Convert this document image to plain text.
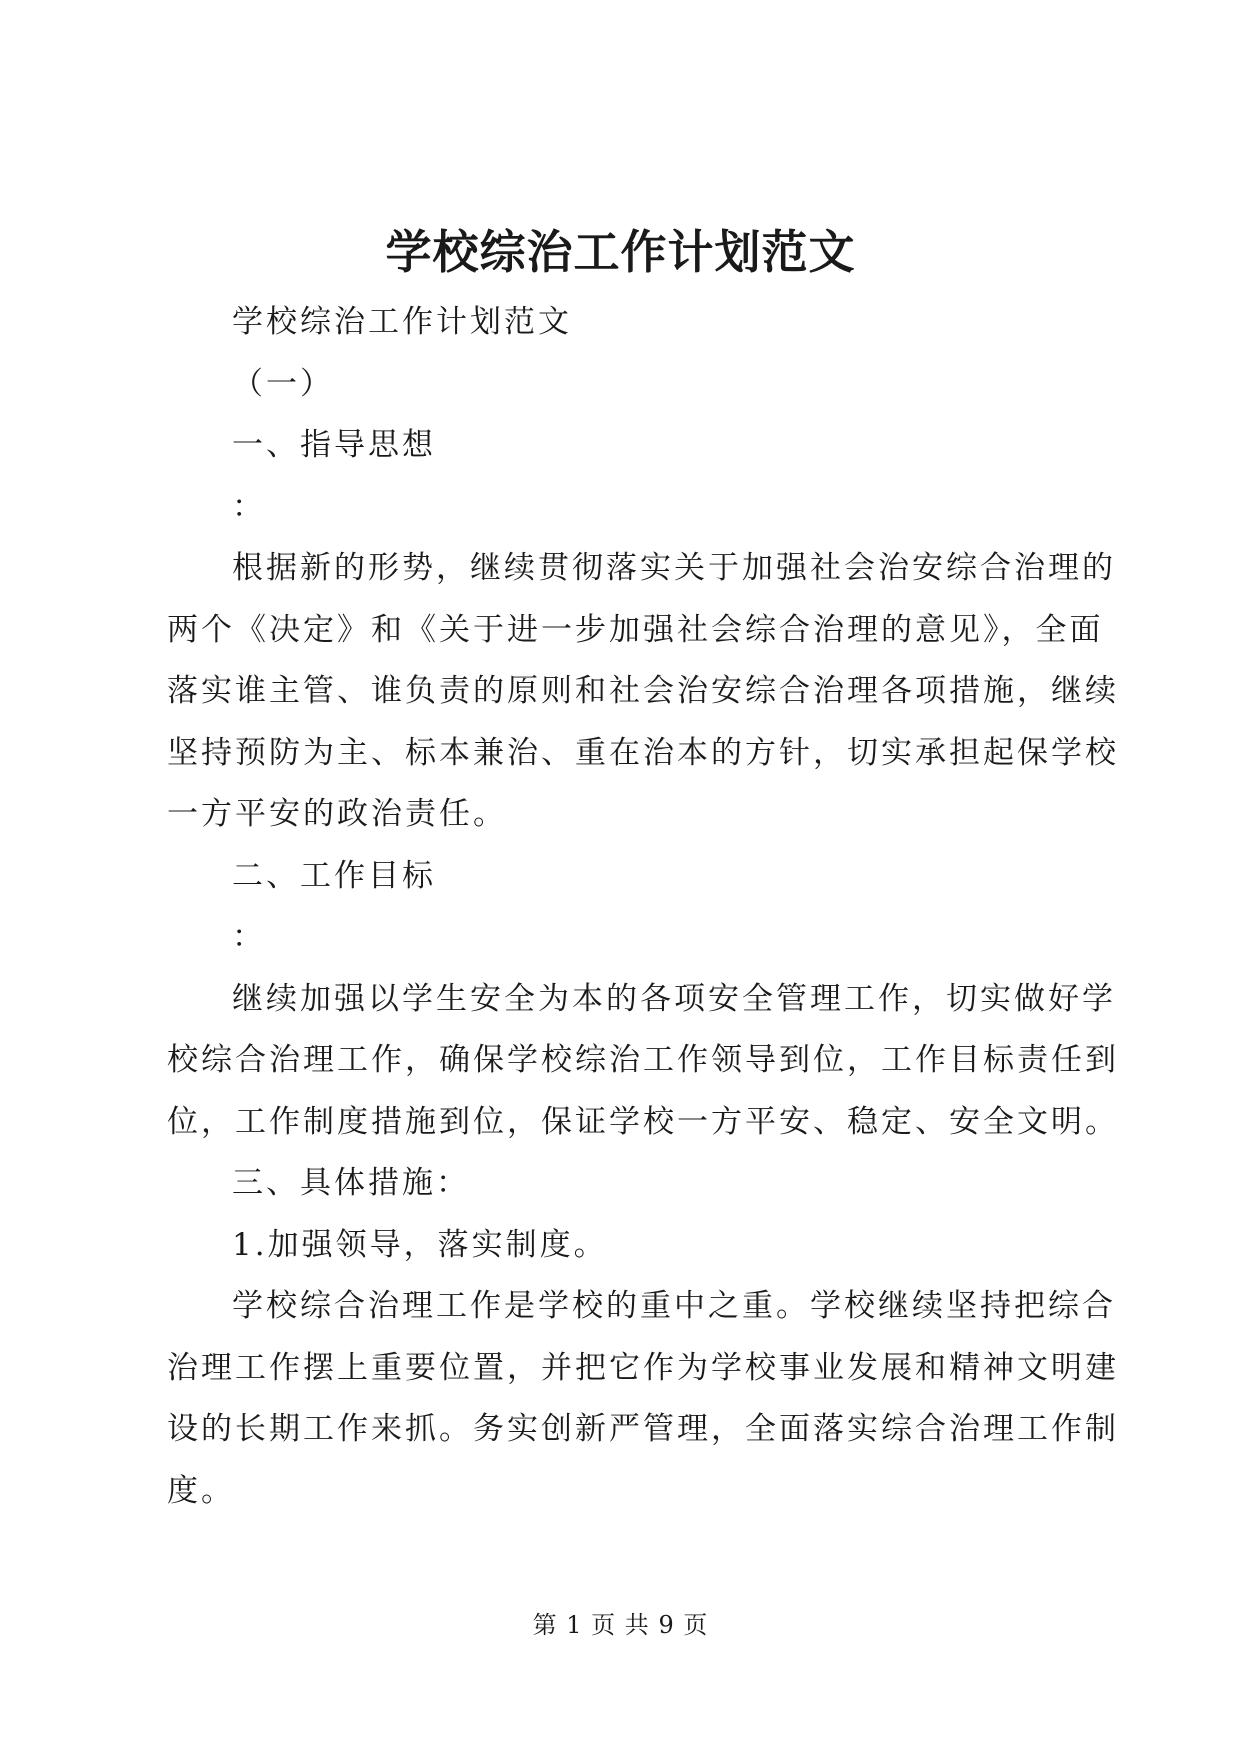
学校综治工作计划范文
学校综治工作计划范文
（一）
一、指导思想
：
根据新的形势，继续贯彻落实关于加强社会治安综合治理的
两个《决定》和《关于进一步加强社会综合治理的意见》，全面
落实谁主管、谁负责的原则和社会治安综合治理各项措施，继续
坚持预防为主、标本兼治、重在治本的方针，切实承担起保学校
一方平安的政治责任。
二、工作目标
：
继续加强以学生安全为本的各项安全管理工作，切实做好学
校综合治理工作，确保学校综治工作领导到位，工作目标责任到
位，工作制度措施到位，保证学校一方平安、稳定、安全文明。
三、具体措施：
1.加强领导，落实制度。
学校综合治理工作是学校的重中之重。学校继续坚持把综合
治理工作摆上重要位置，并把它作为学校事业发展和精神文明建
设的长期工作来抓。务实创新严管理，全面落实综合治理工作制
度。
第 1 页 共 9 页
